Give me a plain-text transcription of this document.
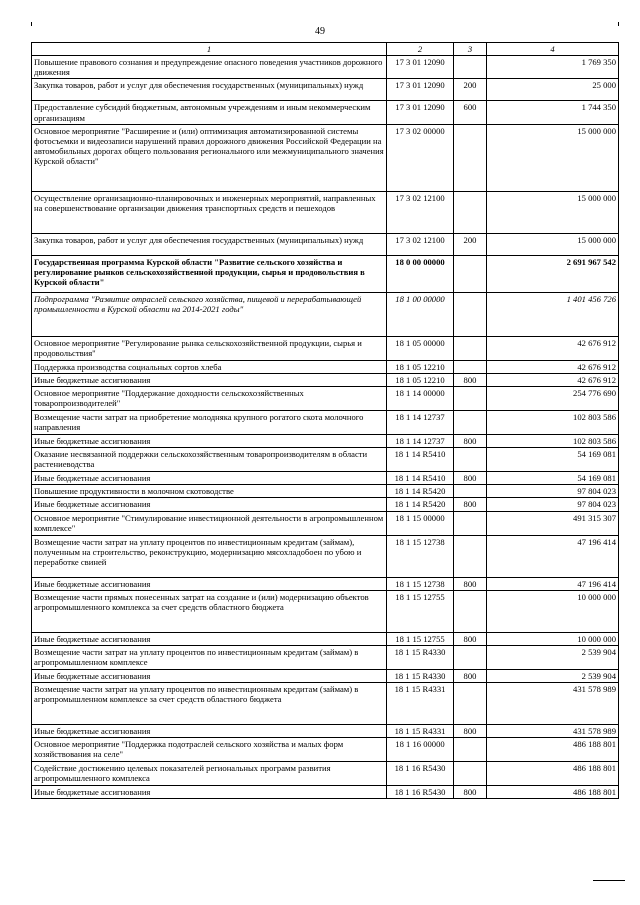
49
1	2	3	4
Повышение правового сознания и предупреждение опасного поведения участников дорожного движения	17 3 01 12090		1 769 350
Закупка товаров, работ и услуг для обеспечения государственных (муниципальных) нужд	17 3 01 12090	200	25 000
Предоставление субсидий бюджетным, автономным учреждениям и иным некоммерческим организациям	17 3 01 12090	600	1 744 350
Основное мероприятие "Расширение и (или) оптимизация автоматизированной системы фотосъемки и видеозаписи нарушений правил дорожного движения Российской Федерации на автомобильных дорогах общего пользования регионального или межмуниципального значения Курской области"	17 3 02 00000		15 000 000
Осуществление организационно-планировочных и инженерных мероприятий, направленных на совершенствование организации движения транспортных средств и пешеходов	17 3 02 12100		15 000 000
Закупка товаров, работ и услуг для обеспечения государственных (муниципальных) нужд	17 3 02 12100	200	15 000 000
Государственная программа Курской области "Развитие сельского хозяйства и регулирование рынков сельскохозяйственной продукции, сырья и продовольствия в Курской области"	18 0 00 00000		2 691 967 542
Подпрограмма "Развитие отраслей сельского хозяйства, пищевой и перерабатывающей промышленности в Курской области на 2014-2021 годы"	18 1 00 00000		1 401 456 726
Основное мероприятие "Регулирование рынка сельскохозяйственной продукции, сырья и продовольствия"	18 1 05 00000		42 676 912
Поддержка производства социальных сортов хлеба	18 1 05 12210		42 676 912
Иные бюджетные ассигнования	18 1 05 12210	800	42 676 912
Основное мероприятие "Поддержание доходности сельскохозяйственных товаропроизводителей"	18 1 14 00000		254 776 690
Возмещение части затрат на приобретение молодняка крупного рогатого скота молочного направления	18 1 14 12737		102 803 586
Иные бюджетные ассигнования	18 1 14 12737	800	102 803 586
Оказание несвязанной поддержки сельскохозяйственным товаропроизводителям в области растениеводства	18 1 14 R5410		54 169 081
Иные бюджетные ассигнования	18 1 14 R5410	800	54 169 081
Повышение продуктивности в молочном скотоводстве	18 1 14 R5420		97 804 023
Иные бюджетные ассигнования	18 1 14 R5420	800	97 804 023
Основное мероприятие "Стимулирование инвестиционной деятельности в агропромышленном комплексе"	18 1 15 00000		491 315 307
Возмещение части затрат на уплату процентов по инвестиционным кредитам (займам), полученным на строительство, реконструкцию, модернизацию мясохладобоен по убою и переработке свиней	18 1 15 12738		47 196 414
Иные бюджетные ассигнования	18 1 15 12738	800	47 196 414
Возмещение части прямых понесенных затрат на создание и (или) модернизацию объектов агропромышленного комплекса за счет средств областного бюджета	18 1 15 12755		10 000 000
Иные бюджетные ассигнования	18 1 15 12755	800	10 000 000
Возмещение части затрат на уплату процентов по инвестиционным кредитам (займам) в агропромышленном комплексе	18 1 15 R4330		2 539 904
Иные бюджетные ассигнования	18 1 15 R4330	800	2 539 904
Возмещение части затрат на уплату процентов по инвестиционным кредитам (займам) в агропромышленном комплексе за счет средств областного бюджета	18 1 15 R4331		431 578 989
Иные бюджетные ассигнования	18 1 15 R4331	800	431 578 989
Основное мероприятие "Поддержка подотраслей сельского хозяйства и малых форм хозяйствования на селе"	18 1 16 00000		486 188 801
Содействие достижению целевых показателей региональных программ развития агропромышленного комплекса	18 1 16 R5430		486 188 801
Иные бюджетные ассигнования	18 1 16 R5430	800	486 188 801
